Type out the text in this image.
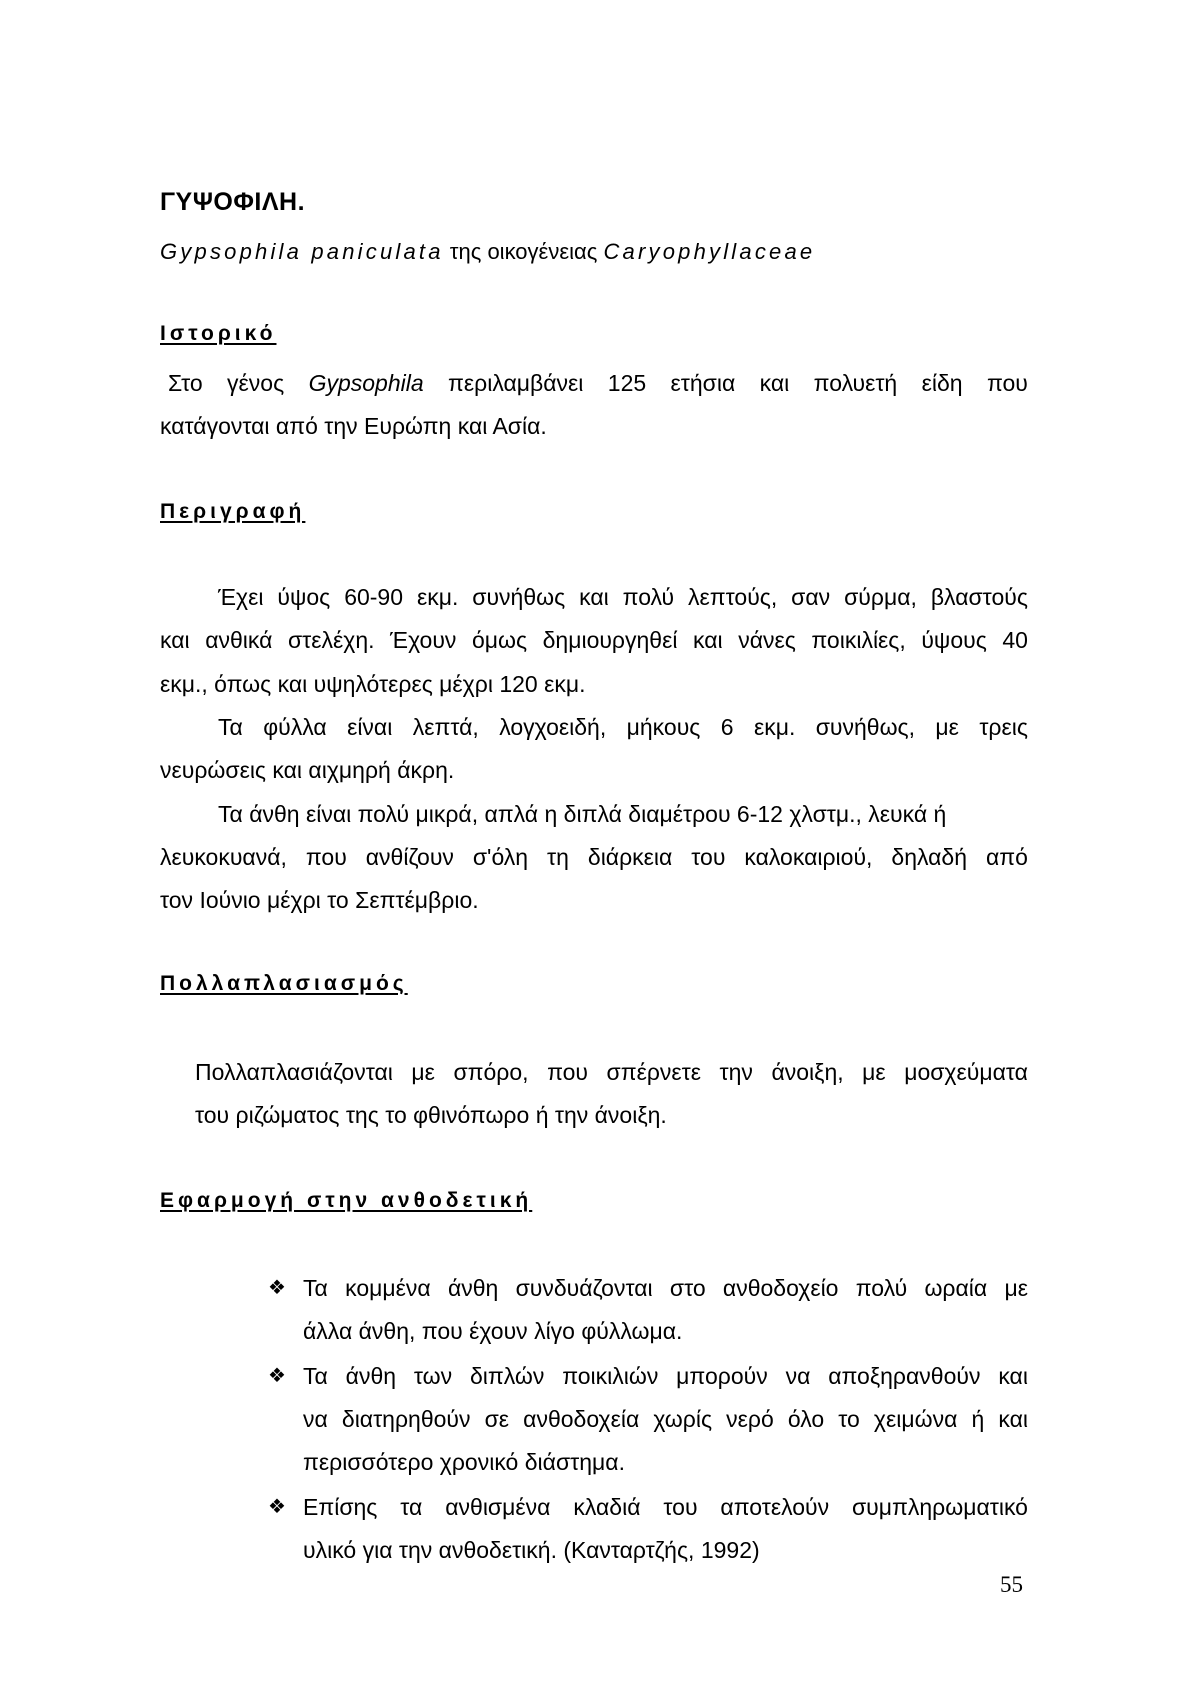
ΓΥΨΟΦΙΛΗ.
Gypsophila paniculata της οικογένειας Caryophyllaceae
Ιστορικό
Στο γένος Gypsophila περιλαμβάνει 125 ετήσια και πολυετή είδη που
κατάγονται από την Ευρώπη και Ασία.
Περιγραφή
Έχει ύψος 60-90 εκμ. συνήθως και πολύ λεπτούς, σαν σύρμα, βλαστούς
και ανθικά στελέχη. Έχουν όμως δημιουργηθεί και νάνες ποικιλίες, ύψους 40
εκμ., όπως και υψηλότερες μέχρι 120 εκμ.
Τα φύλλα είναι λεπτά, λογχοειδή, μήκους 6 εκμ. συνήθως, με τρεις
νευρώσεις και αιχμηρή άκρη.
Τα άνθη είναι πολύ μικρά, απλά η διπλά διαμέτρου 6-12 χλστμ., λευκά ή
λευκοκυανά, που ανθίζουν σ'όλη τη διάρκεια του καλοκαιριού, δηλαδή από
τον Ιούνιο μέχρι το Σεπτέμβριο.
Πολλαπλασιασμός
Πολλαπλασιάζονται με σπόρο, που σπέρνετε την άνοιξη, με μοσχεύματα
του ριζώματος της το φθινόπωρο ή την άνοιξη.
Εφαρμογή στην ανθοδετική
❖ Τα κομμένα άνθη συνδυάζονται στο ανθοδοχείο πολύ ωραία με
άλλα άνθη, που έχουν λίγο φύλλωμα.
❖ Τα άνθη των διπλών ποικιλιών μπορούν να αποξηρανθούν και
να διατηρηθούν σε ανθοδοχεία χωρίς νερό όλο το χειμώνα ή και
περισσότερο χρονικό διάστημα.
❖ Επίσης τα ανθισμένα κλαδιά του αποτελούν συμπληρωματικό
υλικό για την ανθοδετική. (Κανταρτζής, 1992)
55
